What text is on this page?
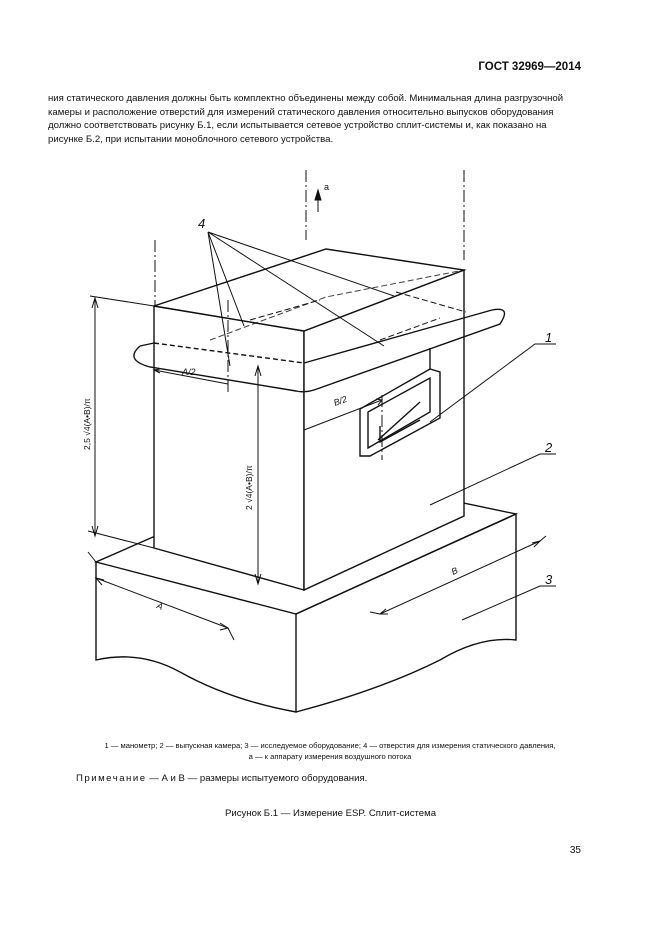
ГОСТ 32969—2014
ния статического давления должны быть комплектно объединены между собой. Минимальная длина разгрузочной
камеры и расположение отверстий для измерений статического давления относительно выпусков оборудования
должно соответствовать рисунку Б.1, если испытывается сетевое устройство сплит-системы и, как показано на
рисунке Б.2, при испытании моноблочного сетевого устройства.
4
1
2
3
a
A/2
B/2
A
B
2,5 √4(A•B)/π
2 √4(A•B)/π
1 — манометр; 2 — выпускная камера; 3 — исследуемое оборудование; 4 — отверстия для измерения статического давления,
а — к аппарату измерения воздушного потока
Примечание — А и В — размеры испытуемого оборудования.
Рисунок Б.1 — Измерение ESP. Сплит-система
35
